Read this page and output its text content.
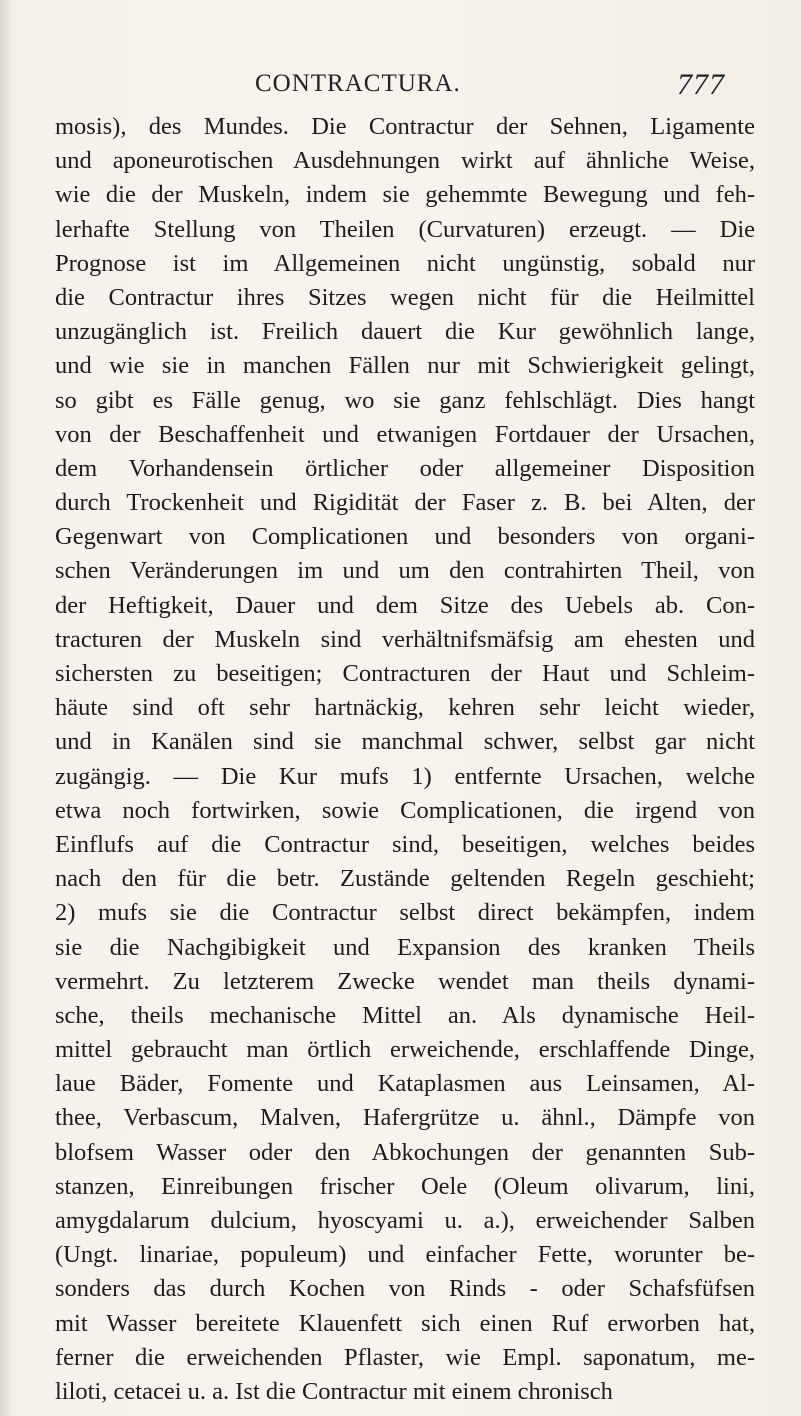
CONTRACTURA.	777
mosis), des Mundes. Die Contractur der Sehnen, Ligamente
und aponeurotischen Ausdehnungen wirkt auf ähnliche Weise,
wie die der Muskeln, indem sie gehemmte Bewegung und feh-
lerhafte Stellung von Theilen (Curvaturen) erzeugt. — Die
Prognose ist im Allgemeinen nicht ungünstig, sobald nur
die Contractur ihres Sitzes wegen nicht für die Heilmittel
unzugänglich ist. Freilich dauert die Kur gewöhnlich lange,
und wie sie in manchen Fällen nur mit Schwierigkeit gelingt,
so gibt es Fälle genug, wo sie ganz fehlschlägt. Dies hangt
von der Beschaffenheit und etwanigen Fortdauer der Ursachen,
dem Vorhandensein örtlicher oder allgemeiner Disposition
durch Trockenheit und Rigidität der Faser z. B. bei Alten, der
Gegenwart von Complicationen und besonders von organi-
schen Veränderungen im und um den contrahirten Theil, von
der Heftigkeit, Dauer und dem Sitze des Uebels ab. Con-
tracturen der Muskeln sind verhältnifsmäfsig am ehesten und
sichersten zu beseitigen; Contracturen der Haut und Schleim-
häute sind oft sehr hartnäckig, kehren sehr leicht wieder,
und in Kanälen sind sie manchmal schwer, selbst gar nicht
zugängig. — Die Kur mufs 1) entfernte Ursachen, welche
etwa noch fortwirken, sowie Complicationen, die irgend von
Einflufs auf die Contractur sind, beseitigen, welches beides
nach den für die betr. Zustände geltenden Regeln geschieht;
2) mufs sie die Contractur selbst direct bekämpfen, indem
sie die Nachgibigkeit und Expansion des kranken Theils
vermehrt. Zu letzterem Zwecke wendet man theils dynami-
sche, theils mechanische Mittel an. Als dynamische Heil-
mittel gebraucht man örtlich erweichende, erschlaffende Dinge,
laue Bäder, Fomente und Kataplasmen aus Leinsamen, Al-
thee, Verbascum, Malven, Hafergrütze u. ähnl., Dämpfe von
blofsem Wasser oder den Abkochungen der genannten Sub-
stanzen, Einreibungen frischer Oele (Oleum olivarum, lini,
amygdalarum dulcium, hyoscyami u. a.), erweichender Salben
(Ungt. linariae, populeum) und einfacher Fette, worunter be-
sonders das durch Kochen von Rinds - oder Schafsfüfsen
mit Wasser bereitete Klauenfett sich einen Ruf erworben hat,
ferner die erweichenden Pflaster, wie Empl. saponatum, me-
liloti, cetacei u. a. Ist die Contractur mit einem chronisch
